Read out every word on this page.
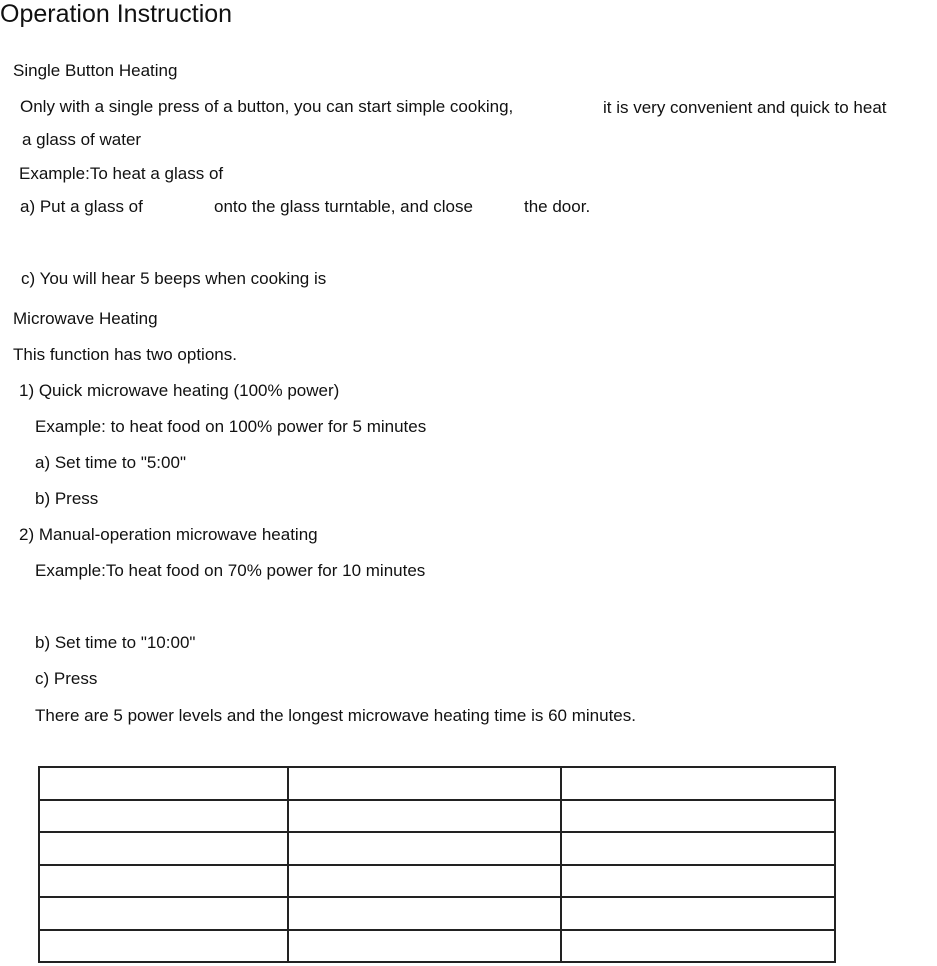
Operation Instruction
Single Button Heating
Only with a single press of a button, you can start simple cooking,	it is very convenient and quick to heat
a glass of water
Example:To heat a glass of
a) Put a glass of	onto the glass turntable, and close	the door.
c) You will hear 5 beeps when cooking is
Microwave Heating
This function has two options.
1) Quick microwave heating (100% power)
Example: to heat food on 100% power for 5 minutes
a) Set time to "5:00"
b) Press
2) Manual-operation microwave heating
Example:To heat food on 70% power for 10 minutes
b) Set time to "10:00"
c) Press
There are 5 power levels and the longest microwave heating time is 60 minutes.
